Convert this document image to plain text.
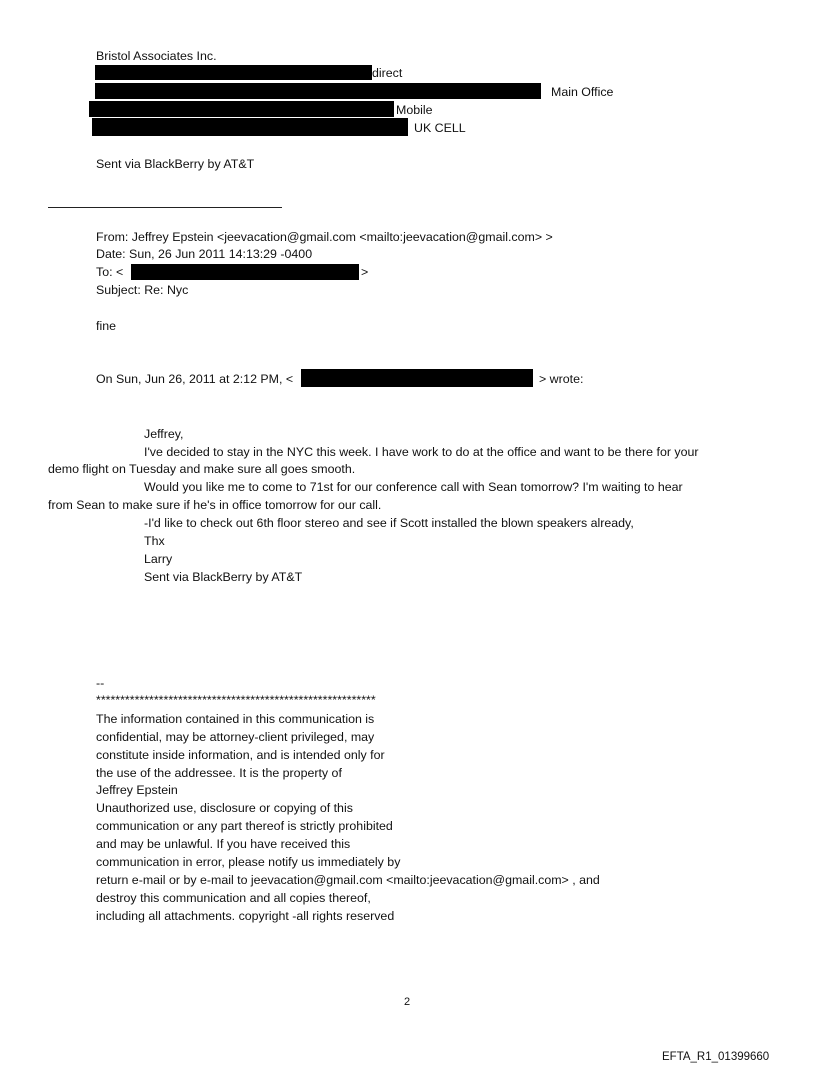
Bristol Associates Inc.
direct
Main Office
Mobile
UK CELL
Sent via BlackBerry by AT&T
From: Jeffrey Epstein <jeevacation@gmail.com <mailto:jeevacation@gmail.com> >
Date: Sun, 26 Jun 2011 14:13:29 -0400
To: <	>
Subject: Re: Nyc
fine
On Sun, Jun 26, 2011 at 2:12 PM, <	> wrote:
Jeffrey,
I've decided to stay in the NYC this week. I have work to do at the office and want to be there for your
demo flight on Tuesday and make sure all goes smooth.
Would you like me to come to 71st for our conference call with Sean tomorrow? I'm waiting to hear
from Sean to make sure if he's in office tomorrow for our call.
-I'd like to check out 6th floor stereo and see if Scott installed the blown speakers already,
Thx
Larry
Sent via BlackBerry by AT&T
--
**********************************************************
The information contained in this communication is
confidential, may be attorney-client privileged, may
constitute inside information, and is intended only for
the use of the addressee. It is the property of
Jeffrey Epstein
Unauthorized use, disclosure or copying of this
communication or any part thereof is strictly prohibited
and may be unlawful. If you have received this
communication in error, please notify us immediately by
return e-mail or by e-mail to jeevacation@gmail.com <mailto:jeevacation@gmail.com> , and
destroy this communication and all copies thereof,
including all attachments. copyright -all rights reserved
2
EFTA_R1_01399660
